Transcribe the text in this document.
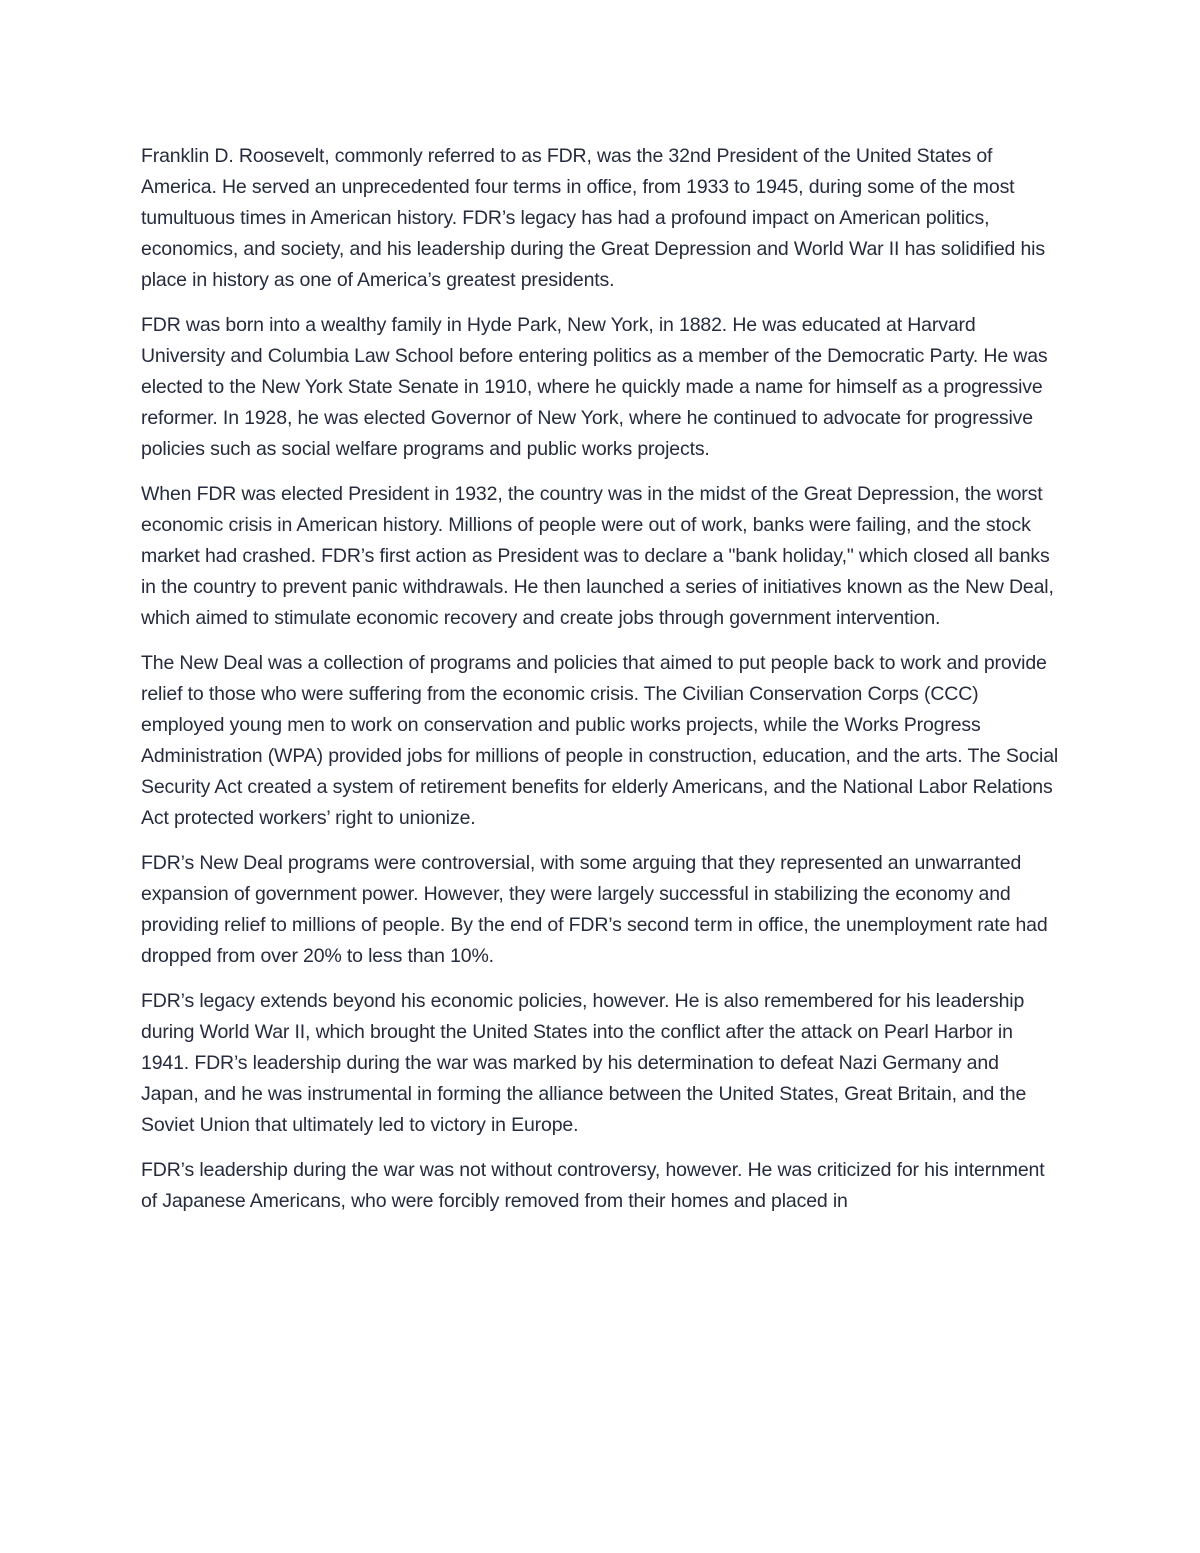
Franklin D. Roosevelt, commonly referred to as FDR, was the 32nd President of the United States of America. He served an unprecedented four terms in office, from 1933 to 1945, during some of the most tumultuous times in American history. FDR’s legacy has had a profound impact on American politics, economics, and society, and his leadership during the Great Depression and World War II has solidified his place in history as one of America’s greatest presidents.

FDR was born into a wealthy family in Hyde Park, New York, in 1882. He was educated at Harvard University and Columbia Law School before entering politics as a member of the Democratic Party. He was elected to the New York State Senate in 1910, where he quickly made a name for himself as a progressive reformer. In 1928, he was elected Governor of New York, where he continued to advocate for progressive policies such as social welfare programs and public works projects.

When FDR was elected President in 1932, the country was in the midst of the Great Depression, the worst economic crisis in American history. Millions of people were out of work, banks were failing, and the stock market had crashed. FDR’s first action as President was to declare a "bank holiday," which closed all banks in the country to prevent panic withdrawals. He then launched a series of initiatives known as the New Deal, which aimed to stimulate economic recovery and create jobs through government intervention.

The New Deal was a collection of programs and policies that aimed to put people back to work and provide relief to those who were suffering from the economic crisis. The Civilian Conservation Corps (CCC) employed young men to work on conservation and public works projects, while the Works Progress Administration (WPA) provided jobs for millions of people in construction, education, and the arts. The Social Security Act created a system of retirement benefits for elderly Americans, and the National Labor Relations Act protected workers’ right to unionize.

FDR’s New Deal programs were controversial, with some arguing that they represented an unwarranted expansion of government power. However, they were largely successful in stabilizing the economy and providing relief to millions of people. By the end of FDR’s second term in office, the unemployment rate had dropped from over 20% to less than 10%.

FDR’s legacy extends beyond his economic policies, however. He is also remembered for his leadership during World War II, which brought the United States into the conflict after the attack on Pearl Harbor in 1941. FDR’s leadership during the war was marked by his determination to defeat Nazi Germany and Japan, and he was instrumental in forming the alliance between the United States, Great Britain, and the Soviet Union that ultimately led to victory in Europe.

FDR’s leadership during the war was not without controversy, however. He was criticized for his internment of Japanese Americans, who were forcibly removed from their homes and placed in
